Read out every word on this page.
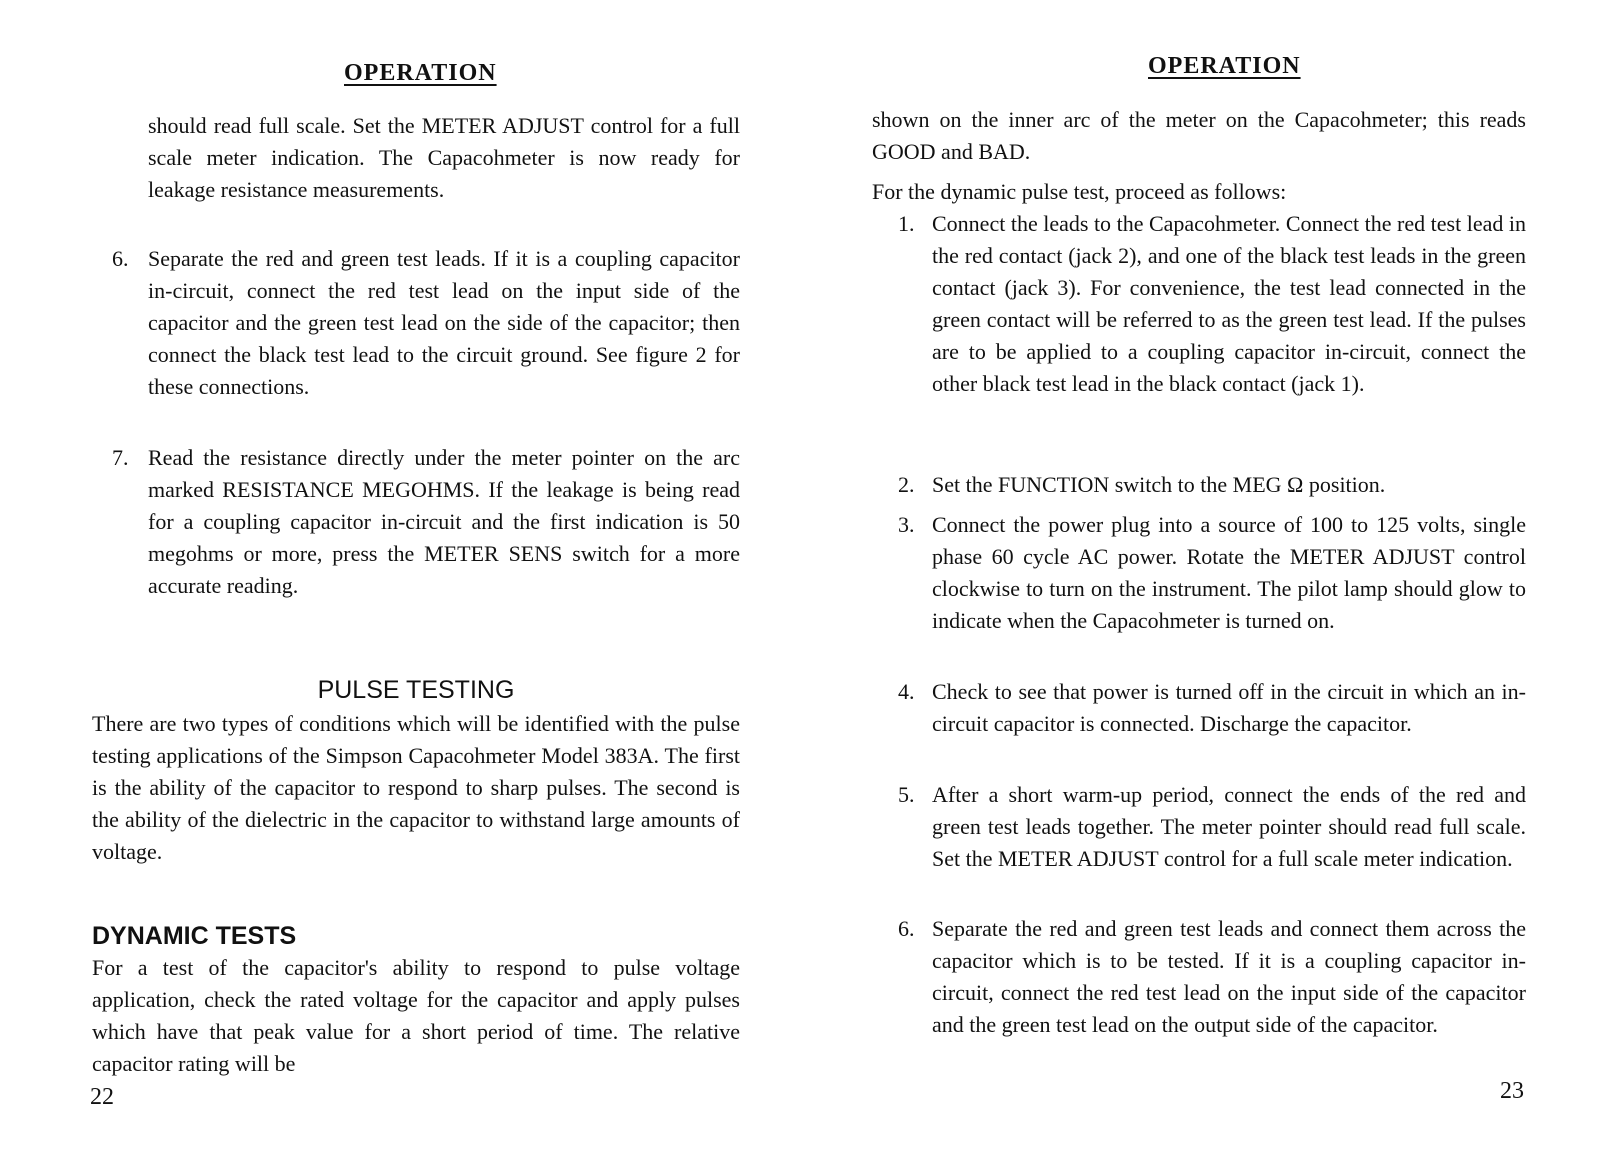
OPERATION

should read full scale. Set the METER ADJUST control for a full scale meter indication. The Capacohmeter is now ready for leakage resistance measurements.

6. Separate the red and green test leads. If it is a coupling capacitor in-circuit, connect the red test lead on the input side of the capacitor and the green test lead on the side of the capacitor; then connect the black test lead to the circuit ground. See figure 2 for these connections.
7. Read the resistance directly under the meter pointer on the arc marked RESISTANCE MEGOHMS. If the leakage is being read for a coupling capacitor in-circuit and the first indication is 50 megohms or more, press the METER SENS switch for a more accurate reading.
PULSE TESTING

There are two types of conditions which will be identified with the pulse testing applications of the Simpson Capacohmeter Model 383A. The first is the ability of the capacitor to respond to sharp pulses. The second is the ability of the dielectric in the capacitor to withstand large amounts of voltage.

DYNAMIC TESTS

For a test of the capacitor's ability to respond to pulse voltage application, check the rated voltage for the capacitor and apply pulses which have that peak value for a short period of time. The relative capacitor rating will be

22
OPERATION

shown on the inner arc of the meter on the Capacohmeter; this reads GOOD and BAD.

For the dynamic pulse test, proceed as follows:

1. Connect the leads to the Capacohmeter. Connect the red test lead in the red contact (jack 2), and one of the black test leads in the green contact (jack 3). For convenience, the test lead connected in the green contact will be referred to as the green test lead. If the pulses are to be applied to a coupling capacitor in-circuit, connect the other black test lead in the black contact (jack 1).
2. Set the FUNCTION switch to the MEG Ω position.
3. Connect the power plug into a source of 100 to 125 volts, single phase 60 cycle AC power. Rotate the METER ADJUST control clockwise to turn on the instrument. The pilot lamp should glow to indicate when the Capacohmeter is turned on.
4. Check to see that power is turned off in the circuit in which an in-circuit capacitor is connected. Discharge the capacitor.
5. After a short warm-up period, connect the ends of the red and green test leads together. The meter pointer should read full scale. Set the METER ADJUST control for a full scale meter indication.
6. Separate the red and green test leads and connect them across the capacitor which is to be tested. If it is a coupling capacitor in-circuit, connect the red test lead on the input side of the capacitor and the green test lead on the output side of the capacitor.
23
